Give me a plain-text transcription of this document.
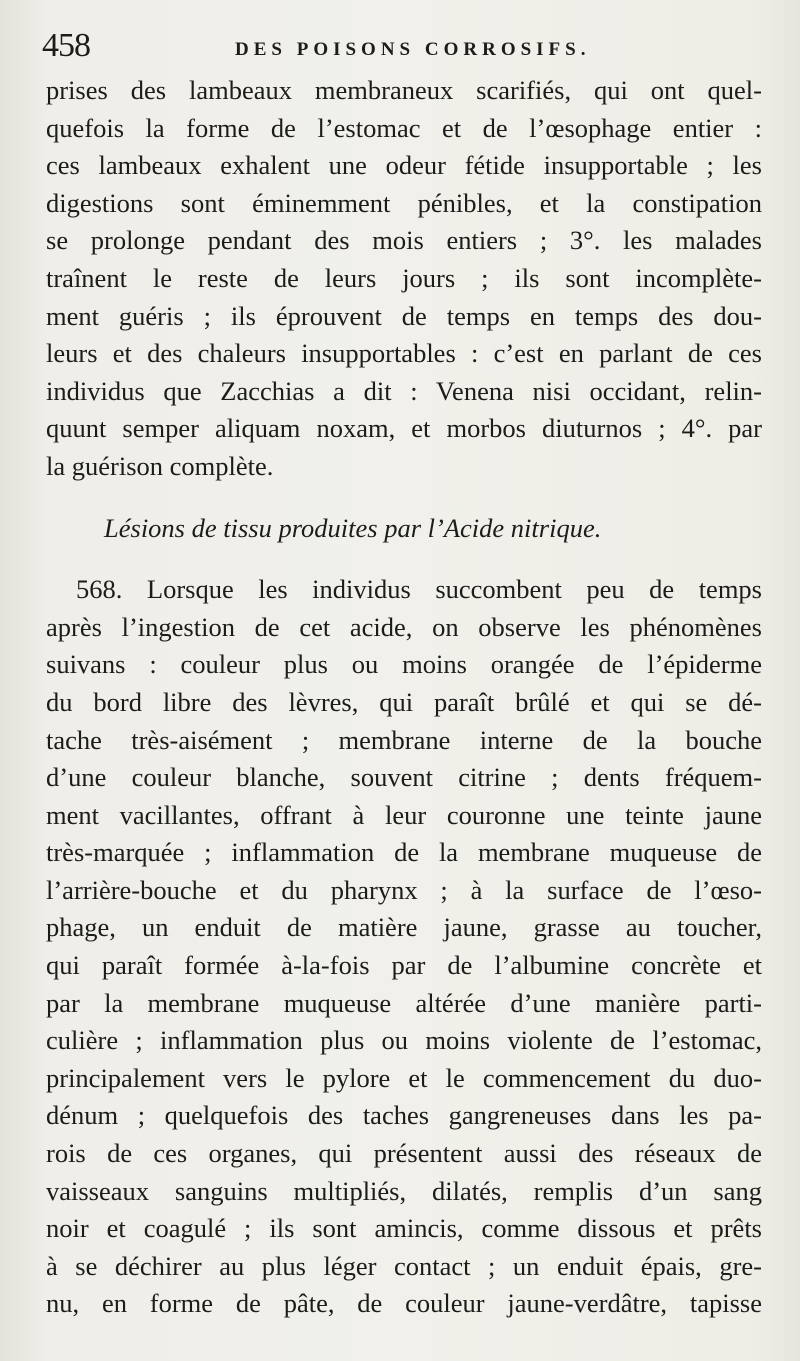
458	DES POISONS CORROSIFS.
prises des lambeaux membraneux scarifiés, qui ont quel-
quefois la forme de l’estomac et de l’œsophage entier :
ces lambeaux exhalent une odeur fétide insupportable ; les
digestions sont éminemment pénibles, et la constipation
se prolonge pendant des mois entiers ; 3°. les malades
traînent le reste de leurs jours ; ils sont incomplète-
ment guéris ; ils éprouvent de temps en temps des dou-
leurs et des chaleurs insupportables : c’est en parlant de ces
individus que Zacchias a dit : Venena nisi occidant, relin-
quunt semper aliquam noxam, et morbos diuturnos ; 4°. par
la guérison complète.
Lésions de tissu produites par l’Acide nitrique.
568. Lorsque les individus succombent peu de temps
après l’ingestion de cet acide, on observe les phénomènes
suivans : couleur plus ou moins orangée de l’épiderme
du bord libre des lèvres, qui paraît brûlé et qui se dé-
tache très-aisément ; membrane interne de la bouche
d’une couleur blanche, souvent citrine ; dents fréquem-
ment vacillantes, offrant à leur couronne une teinte jaune
très-marquée ; inflammation de la membrane muqueuse de
l’arrière-bouche et du pharynx ; à la surface de l’œso-
phage, un enduit de matière jaune, grasse au toucher,
qui paraît formée à-la-fois par de l’albumine concrète et
par la membrane muqueuse altérée d’une manière parti-
culière ; inflammation plus ou moins violente de l’estomac,
principalement vers le pylore et le commencement du duo-
dénum ; quelquefois des taches gangreneuses dans les pa-
rois de ces organes, qui présentent aussi des réseaux de
vaisseaux sanguins multipliés, dilatés, remplis d’un sang
noir et coagulé ; ils sont amincis, comme dissous et prêts
à se déchirer au plus léger contact ; un enduit épais, gre-
nu, en forme de pâte, de couleur jaune-verdâtre, tapisse
